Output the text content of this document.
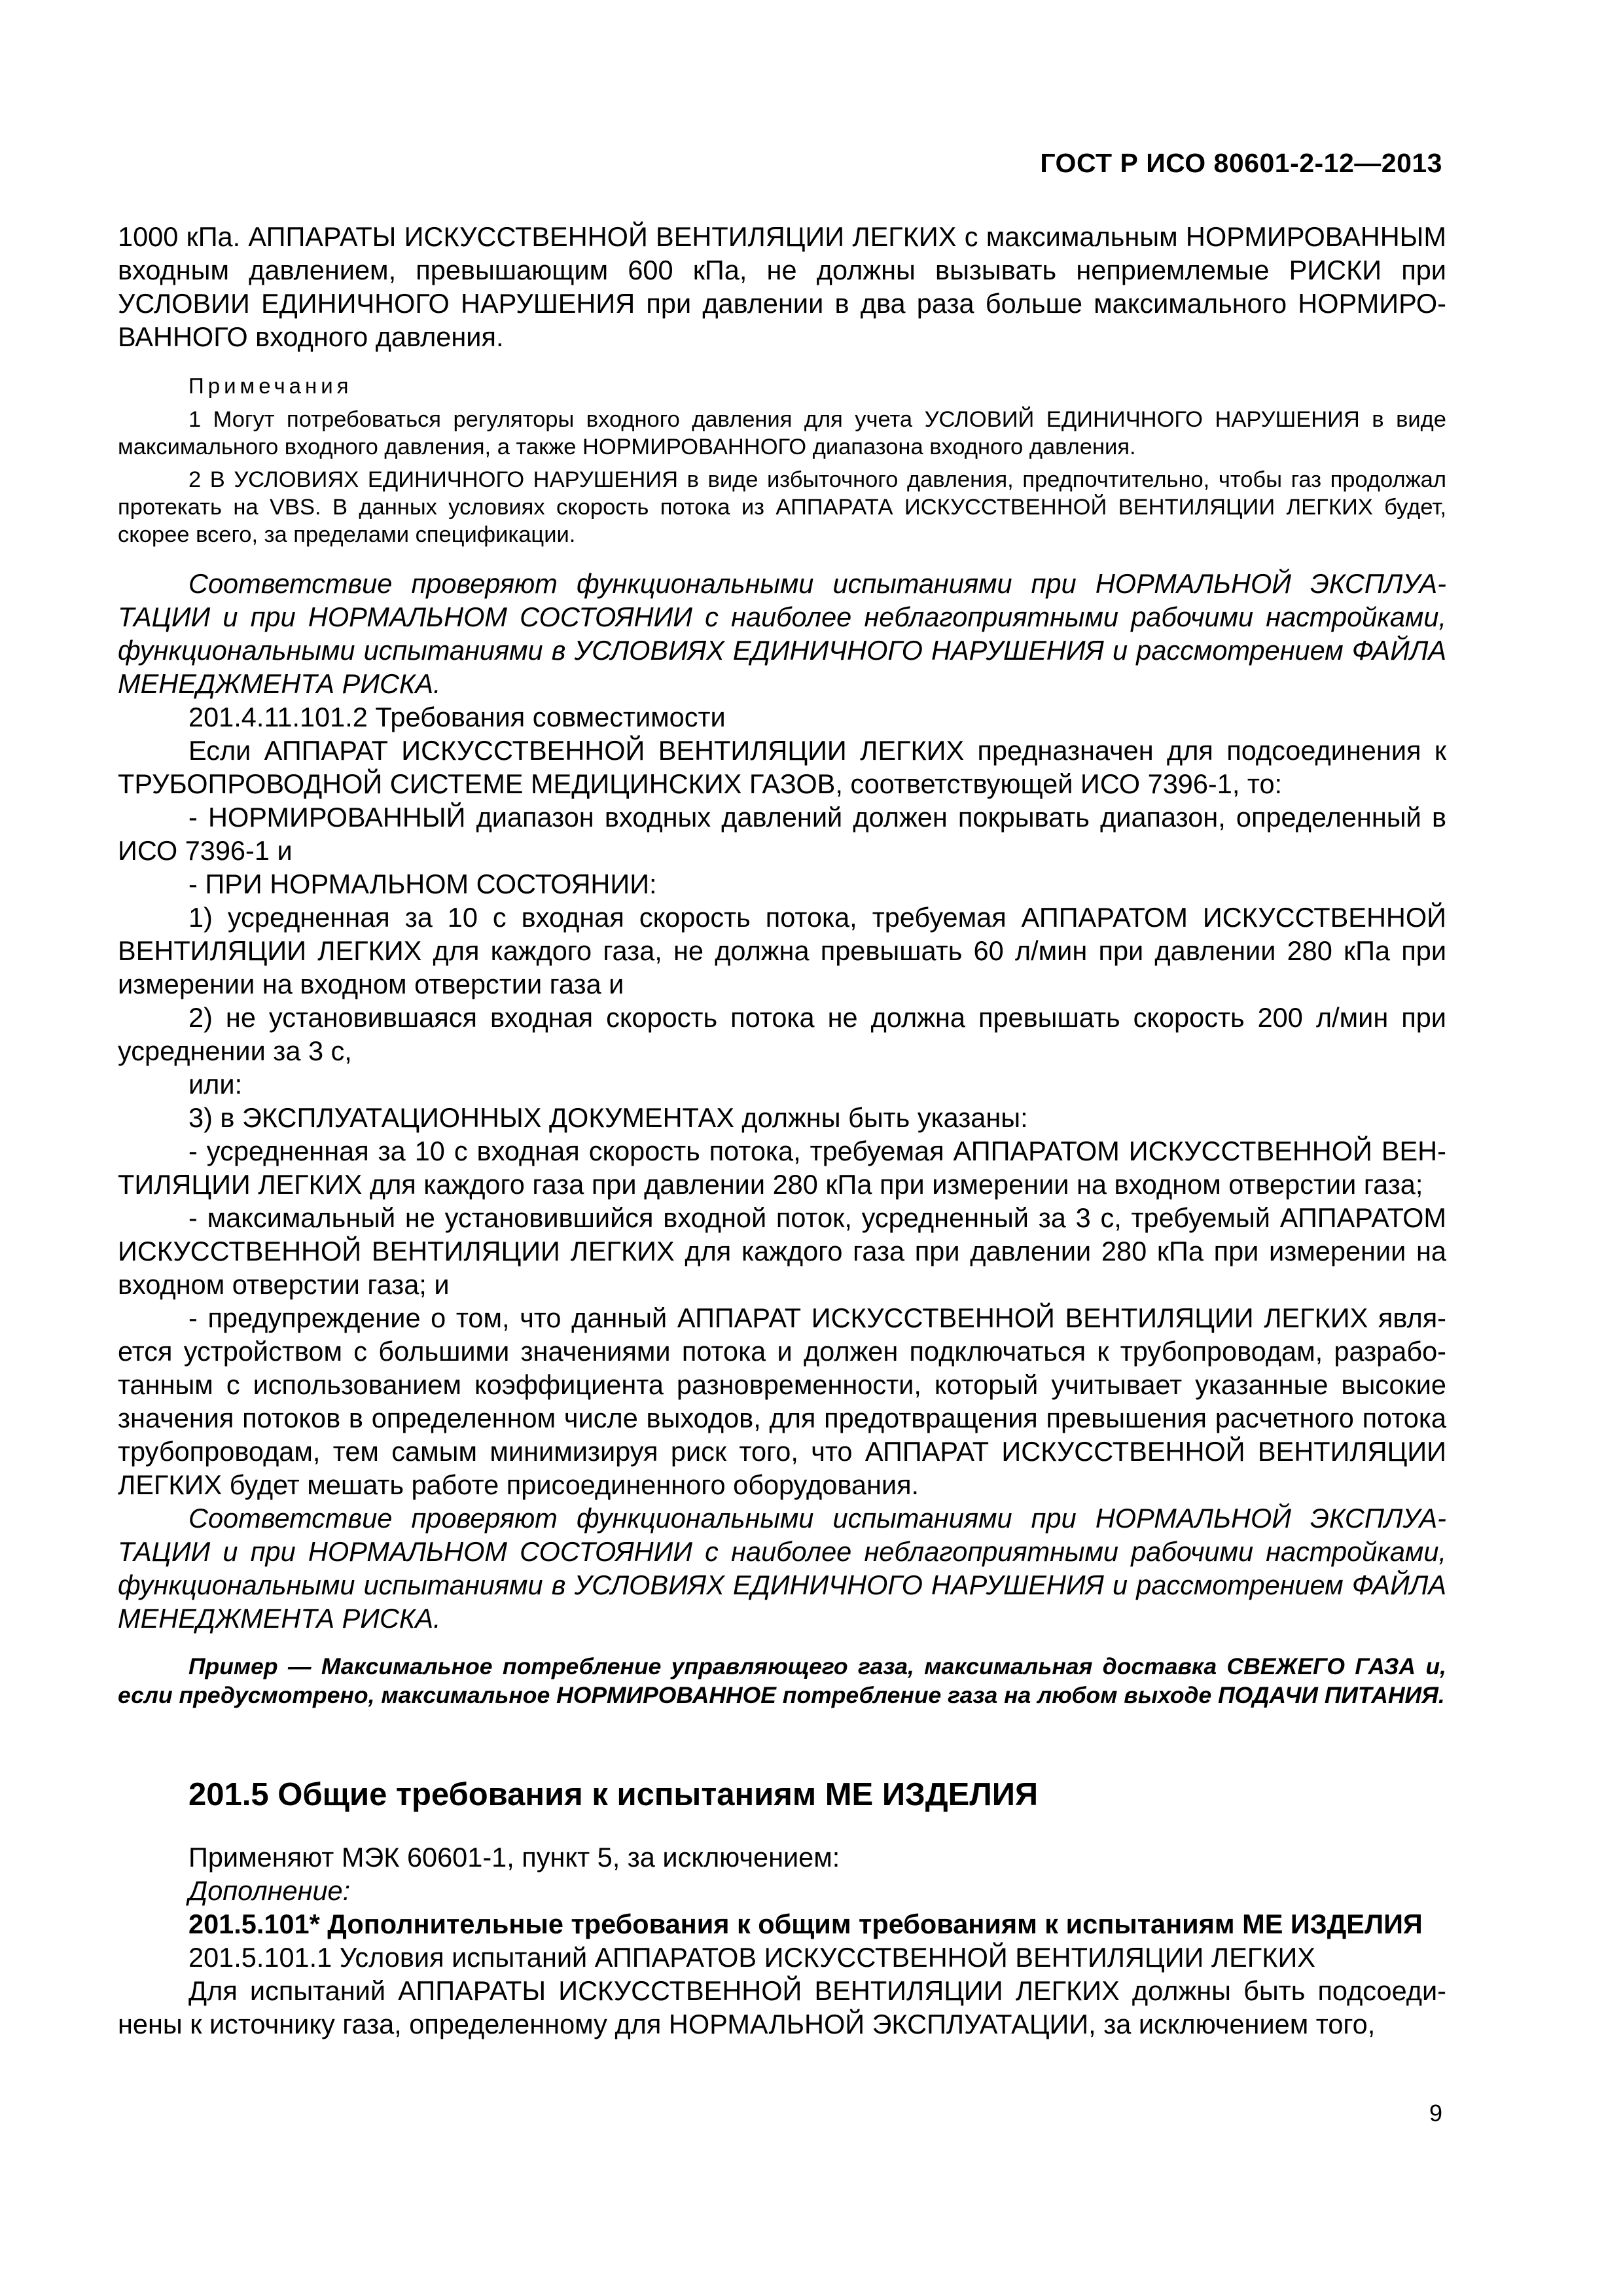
ГОСТ Р ИСО 80601-2-12—2013

1000 кПа. АППАРАТЫ ИСКУССТВЕННОЙ ВЕНТИЛЯЦИИ ЛЕГКИХ с максимальным НОРМИРОВАННЫМ входным давлением, превышающим 600 кПа, не должны вызывать неприемлемые РИСКИ при УСЛОВИИ ЕДИНИЧНОГО НАРУШЕНИЯ при давлении в два раза больше максимального НОРМИРОВАННОГО входного давления.

Примечания

1 Могут потребоваться регуляторы входного давления для учета УСЛОВИЙ ЕДИНИЧНОГО НАРУШЕНИЯ в виде максимального входного давления, а также НОРМИРОВАННОГО диапазона входного давления.

2 В УСЛОВИЯХ ЕДИНИЧНОГО НАРУШЕНИЯ в виде избыточного давления, предпочтительно, чтобы газ продолжал протекать на VBS. В данных условиях скорость потока из АППАРАТА ИСКУССТВЕННОЙ ВЕНТИЛЯЦИИ ЛЕГКИХ будет, скорее всего, за пределами спецификации.

Соответствие проверяют функциональными испытаниями при НОРМАЛЬНОЙ ЭКСПЛУАТАЦИИ и при НОРМАЛЬНОМ СОСТОЯНИИ с наиболее неблагоприятными рабочими настройками, функциональными испытаниями в УСЛОВИЯХ ЕДИНИЧНОГО НАРУШЕНИЯ и рассмотрением ФАЙЛА МЕНЕДЖМЕНТА РИСКА.

201.4.11.101.2 Требования совместимости

Если АППАРАТ ИСКУССТВЕННОЙ ВЕНТИЛЯЦИИ ЛЕГКИХ предназначен для подсоединения к ТРУБОПРОВОДНОЙ СИСТЕМЕ МЕДИЦИНСКИХ ГАЗОВ, соответствующей ИСО 7396-1, то:

- НОРМИРОВАННЫЙ диапазон входных давлений должен покрывать диапазон, определенный в ИСО 7396-1 и

- ПРИ НОРМАЛЬНОМ СОСТОЯНИИ:

1) усредненная за 10 с входная скорость потока, требуемая АППАРАТОМ ИСКУССТВЕННОЙ ВЕНТИЛЯЦИИ ЛЕГКИХ для каждого газа, не должна превышать 60 л/мин при давлении 280 кПа при измерении на входном отверстии газа и

2) не установившаяся входная скорость потока не должна превышать скорость 200 л/мин при усреднении за 3 с,

или:

3) в ЭКСПЛУАТАЦИОННЫХ ДОКУМЕНТАХ должны быть указаны:

- усредненная за 10 с входная скорость потока, требуемая АППАРАТОМ ИСКУССТВЕННОЙ ВЕНТИЛЯЦИИ ЛЕГКИХ для каждого газа при давлении 280 кПа при измерении на входном отверстии газа;

- максимальный не установившийся входной поток, усредненный за 3 с, требуемый АППАРАТОМ ИСКУССТВЕННОЙ ВЕНТИЛЯЦИИ ЛЕГКИХ для каждого газа при давлении 280 кПа при измерении на входном отверстии газа; и

- предупреждение о том, что данный АППАРАТ ИСКУССТВЕННОЙ ВЕНТИЛЯЦИИ ЛЕГКИХ является устройством с большими значениями потока и должен подключаться к трубопроводам, разработанным с использованием коэффициента разновременности, который учитывает указанные высокие значения потоков в определенном числе выходов, для предотвращения превышения расчетного потока трубопроводам, тем самым минимизируя риск того, что АППАРАТ ИСКУССТВЕННОЙ ВЕНТИЛЯЦИИ ЛЕГКИХ будет мешать работе присоединенного оборудования.

Соответствие проверяют функциональными испытаниями при НОРМАЛЬНОЙ ЭКСПЛУАТАЦИИ и при НОРМАЛЬНОМ СОСТОЯНИИ с наиболее неблагоприятными рабочими настройками, функциональными испытаниями в УСЛОВИЯХ ЕДИНИЧНОГО НАРУШЕНИЯ и рассмотрением ФАЙЛА МЕНЕДЖМЕНТА РИСКА.

Пример — Максимальное потребление управляющего газа, максимальная доставка СВЕЖЕГО ГАЗА и, если предусмотрено, максимальное НОРМИРОВАННОЕ потребление газа на любом выходе ПОДАЧИ ПИТАНИЯ.

201.5 Общие требования к испытаниям МЕ ИЗДЕЛИЯ

Применяют МЭК 60601-1, пункт 5, за исключением:

Дополнение:

201.5.101* Дополнительные требования к общим требованиям к испытаниям МЕ ИЗДЕЛИЯ

201.5.101.1 Условия испытаний АППАРАТОВ ИСКУССТВЕННОЙ ВЕНТИЛЯЦИИ ЛЕГКИХ

Для испытаний АППАРАТЫ ИСКУССТВЕННОЙ ВЕНТИЛЯЦИИ ЛЕГКИХ должны быть подсоединены к источнику газа, определенному для НОРМАЛЬНОЙ ЭКСПЛУАТАЦИИ, за исключением того,

9
